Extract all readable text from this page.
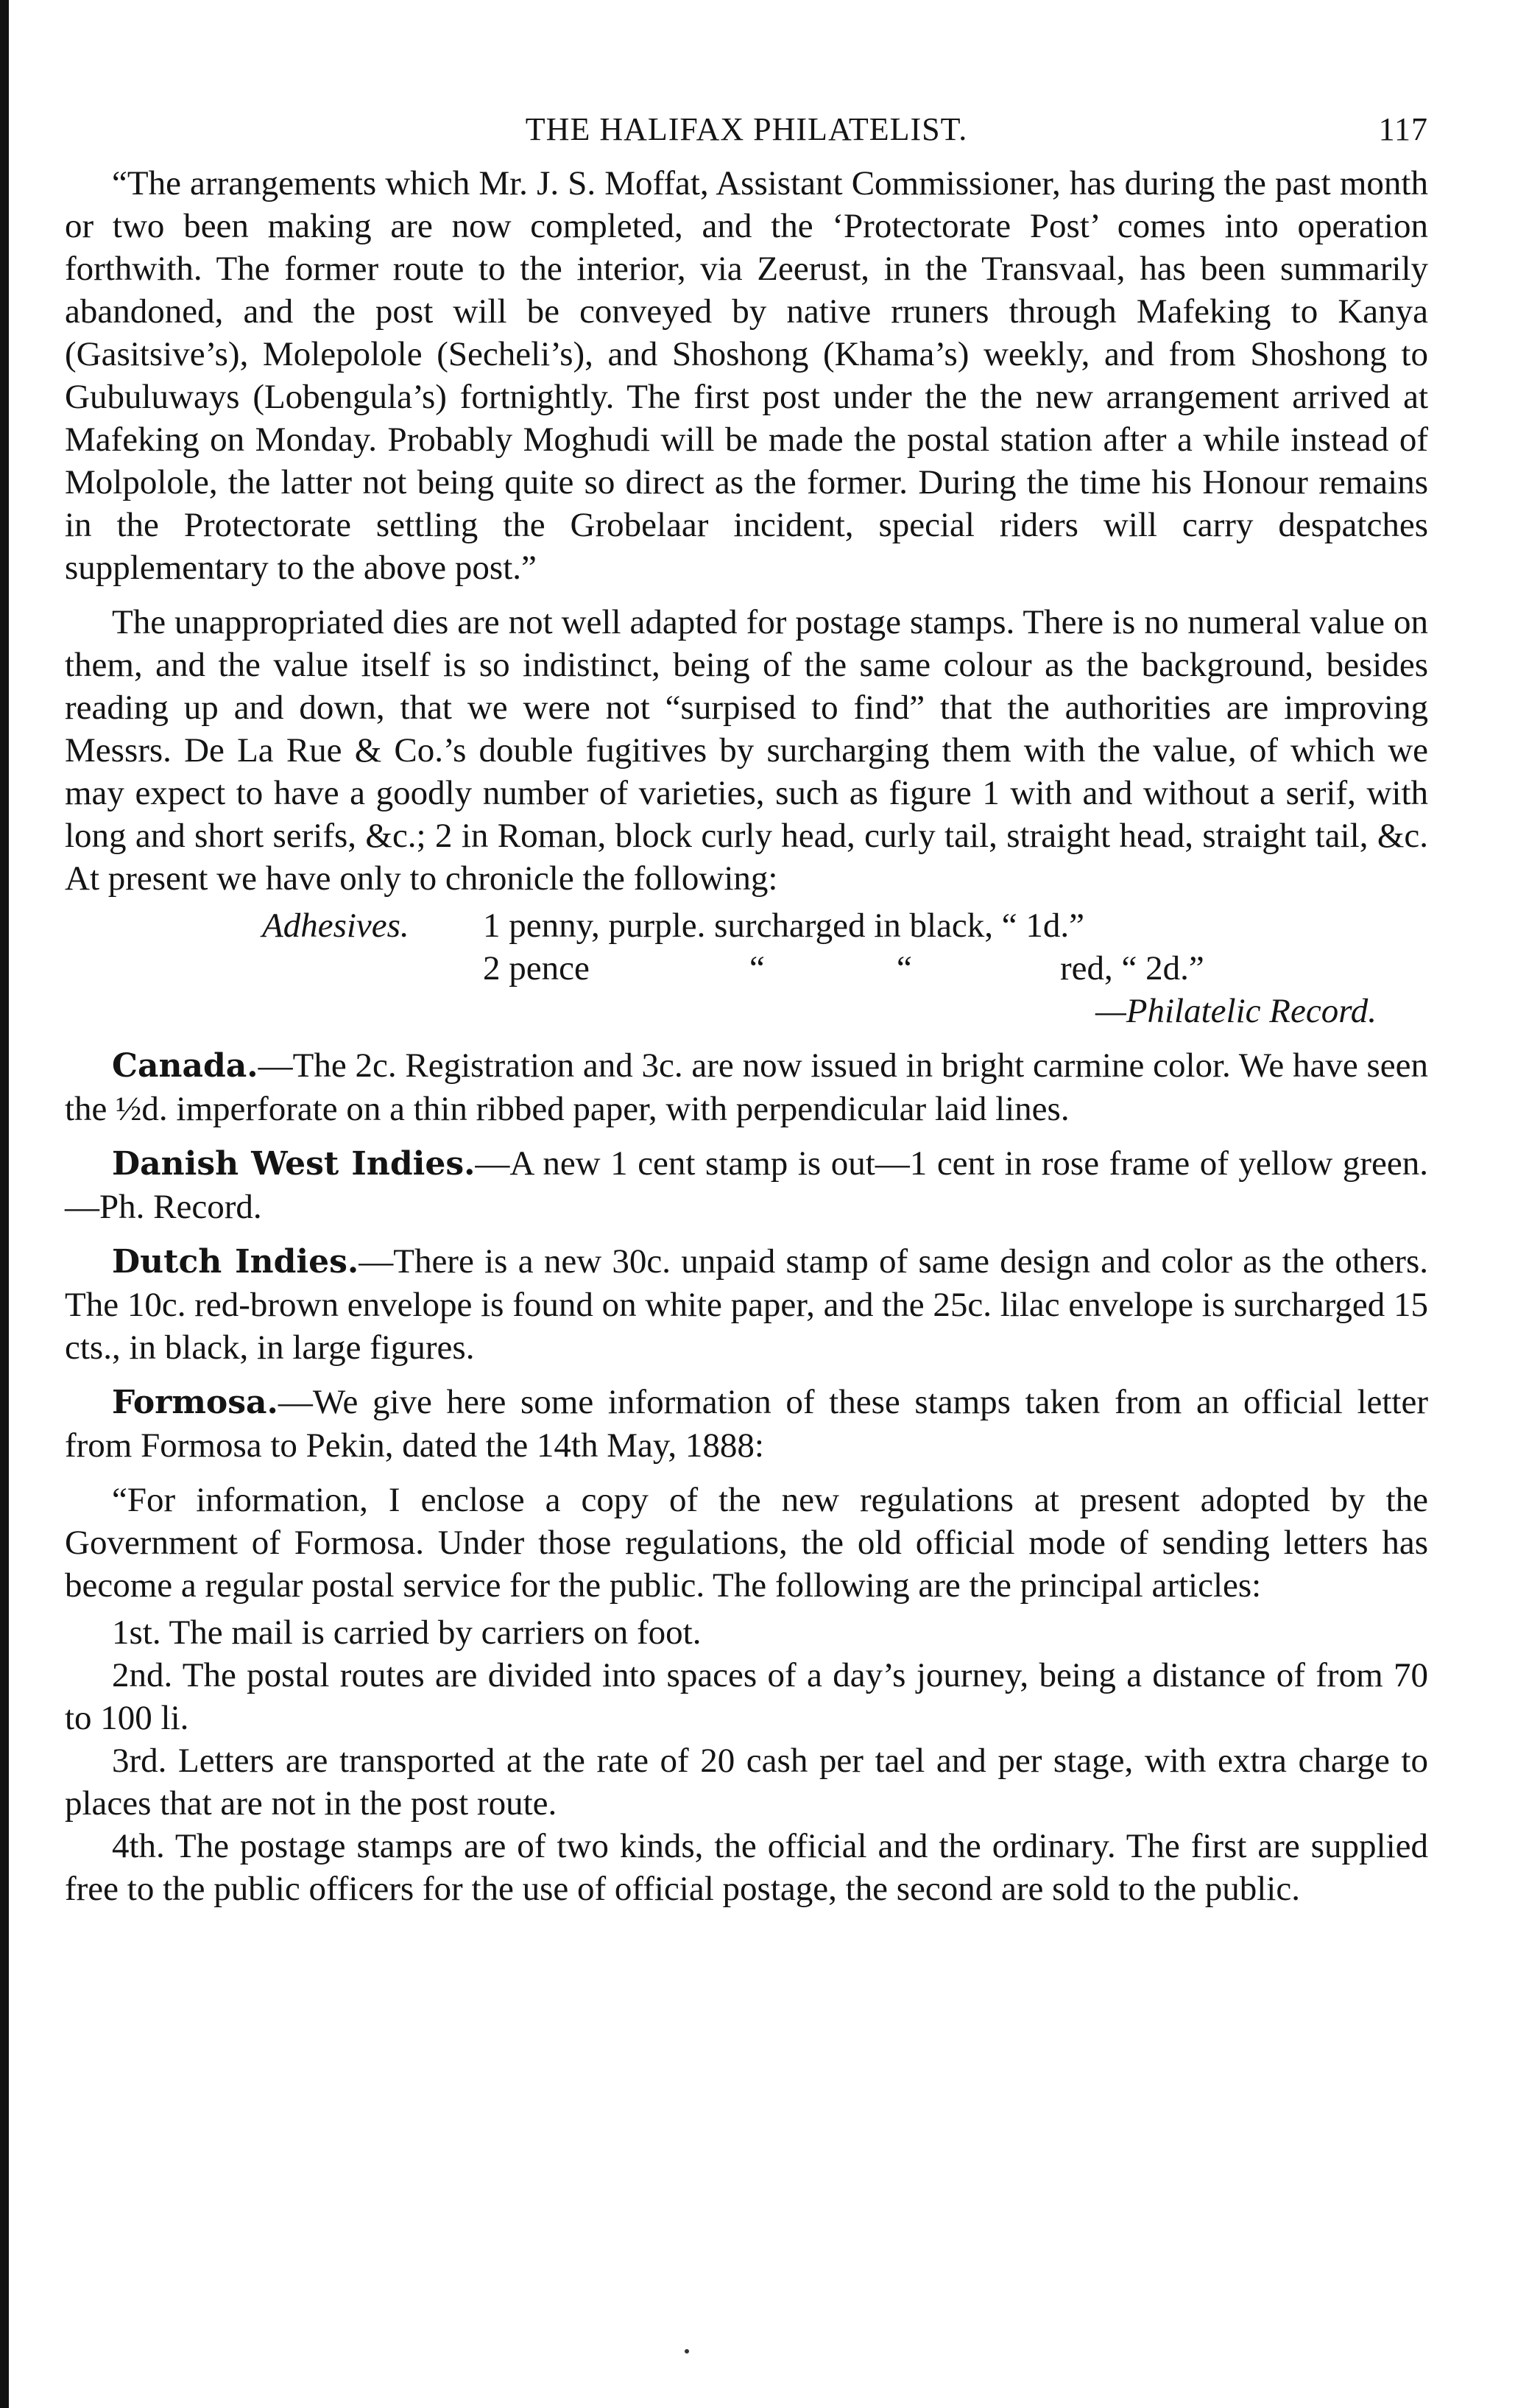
THE HALIFAX PHILATELIST.	117

“The arrangements which Mr. J. S. Moffat, Assistant Commissioner, has during the past month or two been making are now completed, and the ‘Protectorate Post’ comes into operation forthwith. The former route to the interior, via Zeerust, in the Transvaal, has been summarily abandoned, and the post will be conveyed by native rruners through Mafeking to Kanya (Gasitsive’s), Molepolole (Secheli’s), and Shoshong (Khama’s) weekly, and from Shoshong to Gubuluways (Lobengula’s) fortnightly. The first post under the the new arrangement arrived at Mafeking on Monday. Probably Moghudi will be made the postal station after a while instead of Molpolole, the latter not being quite so direct as the former. During the time his Honour remains in the Protectorate settling the Grobelaar incident, special riders will carry despatches supplementary to the above post.”

The unappropriated dies are not well adapted for postage stamps. There is no numeral value on them, and the value itself is so indistinct, being of the same colour as the background, besides reading up and down, that we were not “surpised to find” that the authorities are improving Messrs. De La Rue & Co.’s double fugitives by surcharging them with the value, of which we may expect to have a goodly number of varieties, such as figure 1 with and without a serif, with long and short serifs, &c.; 2 in Roman, block curly head, curly tail, straight head, straight tail, &c. At present we have only to chronicle the following:

Adhesives. 1 penny, purple. surcharged in black, “ 1d.”
2 pence	“	“	red, “ 2d.”
—Philatelic Record.

Canada.—The 2c. Registration and 3c. are now issued in bright carmine color. We have seen the ½d. imperforate on a thin ribbed paper, with perpendicular laid lines.

Danish West Indies.—A new 1 cent stamp is out—1 cent in rose frame of yellow green.—Ph. Record.

Dutch Indies.—There is a new 30c. unpaid stamp of same design and color as the others. The 10c. red-brown envelope is found on white paper, and the 25c. lilac envelope is surcharged 15 cts., in black, in large figures.

Formosa.—We give here some information of these stamps taken from an official letter from Formosa to Pekin, dated the 14th May, 1888:

“For information, I enclose a copy of the new regulations at present adopted by the Government of Formosa. Under those regulations, the old official mode of sending letters has become a regular postal service for the public. The following are the principal articles:

1st. The mail is carried by carriers on foot.

2nd. The postal routes are divided into spaces of a day’s journey, being a distance of from 70 to 100 li.

3rd. Letters are transported at the rate of 20 cash per tael and per stage, with extra charge to places that are not in the post route.

4th. The postage stamps are of two kinds, the official and the ordinary. The first are supplied free to the public officers for the use of official postage, the second are sold to the public.
